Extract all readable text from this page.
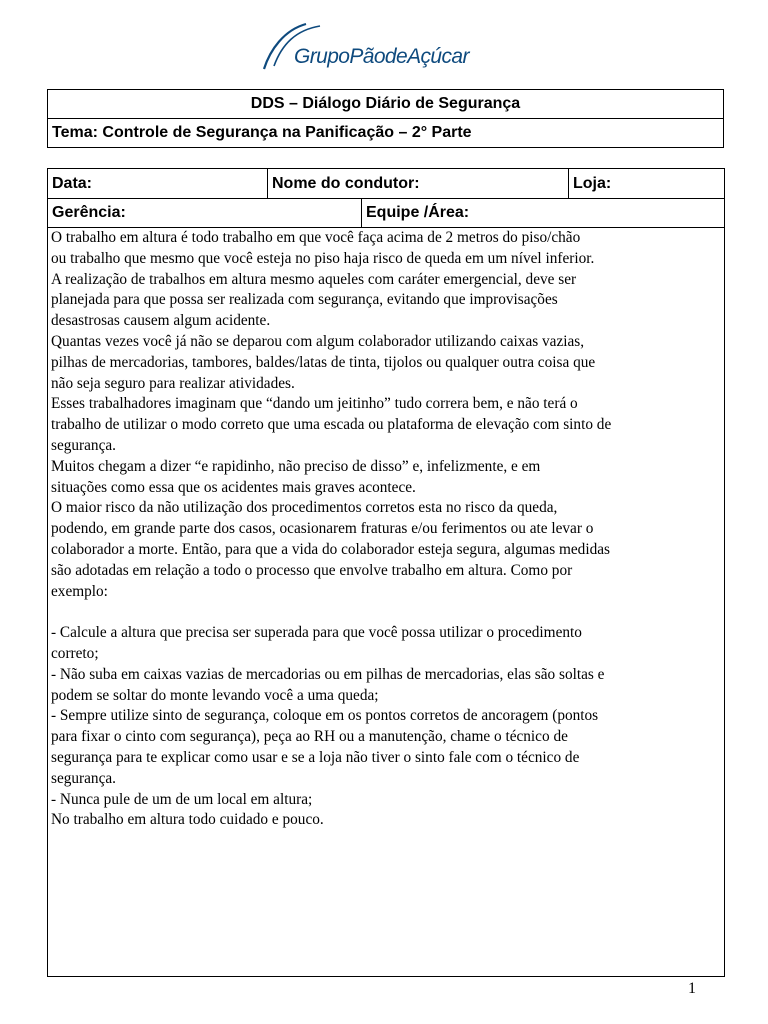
GrupoPãodeAçúcar
DDS – Diálogo Diário de Segurança
Tema: Controle de Segurança na Panificação – 2° Parte
Data:	Nome do condutor:	Loja:
Gerência:	Equipe /Área:

O trabalho em altura é todo trabalho em que você faça acima de 2 metros do piso/chão

ou trabalho que mesmo que você esteja no piso haja risco de queda em um nível inferior.

A realização de trabalhos em altura mesmo aqueles com caráter emergencial, deve ser

planejada para que possa ser realizada com segurança, evitando que improvisações

desastrosas causem algum acidente.

Quantas vezes você já não se deparou com algum colaborador utilizando caixas vazias,

pilhas de mercadorias, tambores, baldes/latas de tinta, tijolos ou qualquer outra coisa que

não seja seguro para realizar atividades.

Esses trabalhadores imaginam que “dando um jeitinho” tudo correra bem, e não terá o

trabalho de utilizar o modo correto que uma escada ou plataforma de elevação com sinto de

segurança.

Muitos chegam a dizer “e rapidinho, não preciso de disso” e, infelizmente, e em

situações como essa que os acidentes mais graves acontece.

O maior risco da não utilização dos procedimentos corretos esta no risco da queda,

podendo, em grande parte dos casos, ocasionarem fraturas e/ou ferimentos ou ate levar o

colaborador a morte. Então, para que a vida do colaborador esteja segura, algumas medidas

são adotadas em relação a todo o processo que envolve trabalho em altura. Como por

exemplo:

- Calcule a altura que precisa ser superada para que você possa utilizar o procedimento

correto;

- Não suba em caixas vazias de mercadorias ou em pilhas de mercadorias, elas são soltas e

podem se soltar do monte levando você a uma queda;

- Sempre utilize sinto de segurança, coloque em os pontos corretos de ancoragem (pontos

para fixar o cinto com segurança), peça ao RH ou a manutenção, chame o técnico de

segurança para te explicar como usar e se a loja não tiver o sinto fale com o técnico de

segurança.

- Nunca pule de um de um local em altura;

No trabalho em altura todo cuidado e pouco.

1
